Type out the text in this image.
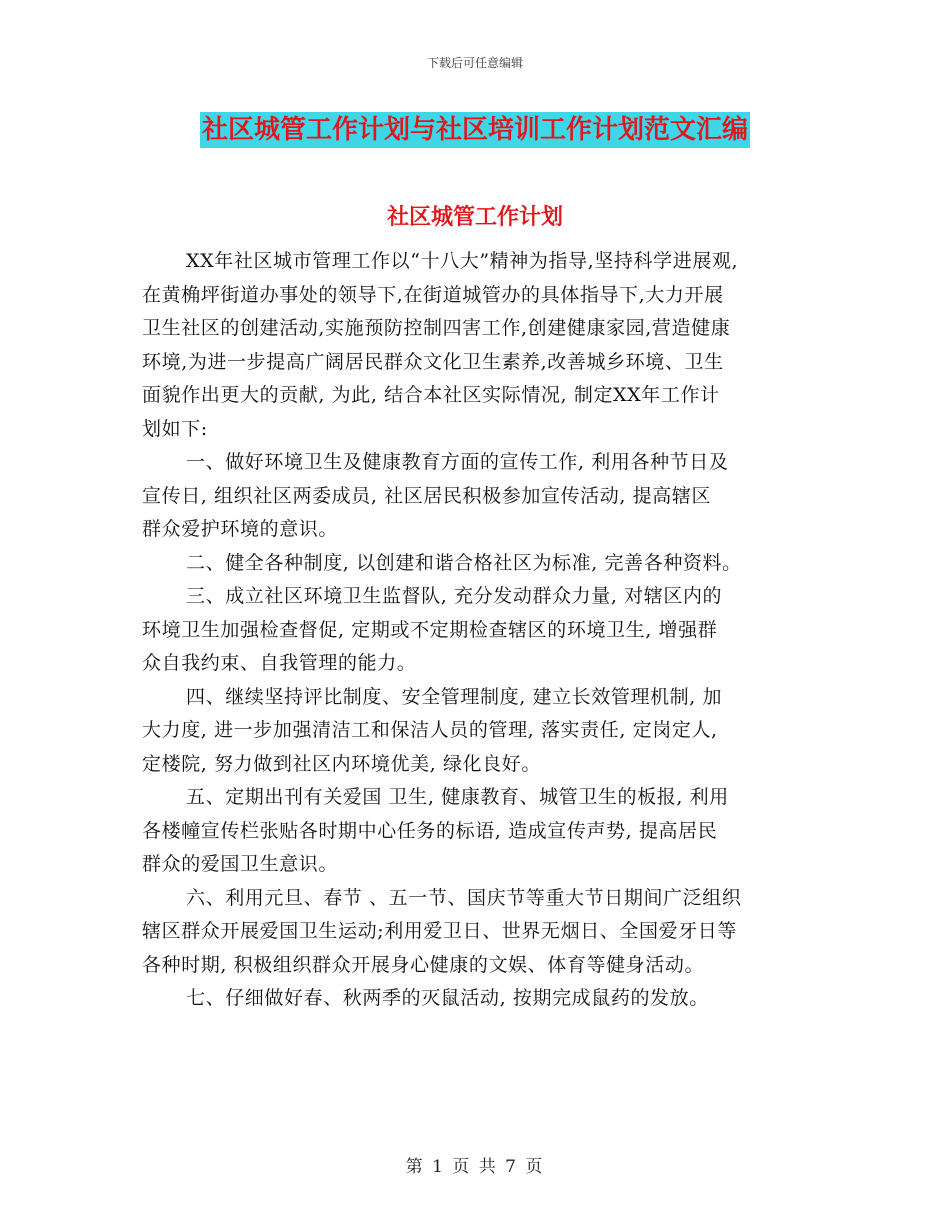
下载后可任意编辑
社区城管工作计划与社区培训工作计划范文汇编
社区城管工作计划

XX年社区城市管理工作以“十八大”精神为指导,坚持科学进展观,
在黄桷坪街道办事处的领导下,在街道城管办的具体指导下,大力开展
卫生社区的创建活动,实施预防控制四害工作,创建健康家园,营造健康
环境,为进一步提高广阔居民群众文化卫生素养,改善城乡环境、卫生
面貌作出更大的贡献, 为此, 结合本社区实际情况, 制定XX年工作计
划如下:

一、做好环境卫生及健康教育方面的宣传工作, 利用各种节日及
宣传日, 组织社区两委成员, 社区居民积极参加宣传活动, 提高辖区
群众爱护环境的意识。

二、健全各种制度, 以创建和谐合格社区为标准, 完善各种资料。

三、成立社区环境卫生监督队, 充分发动群众力量, 对辖区内的
环境卫生加强检查督促, 定期或不定期检查辖区的环境卫生, 增强群
众自我约束、自我管理的能力。

四、继续坚持评比制度、安全管理制度, 建立长效管理机制, 加
大力度, 进一步加强清洁工和保洁人员的管理, 落实责任, 定岗定人,
定楼院, 努力做到社区内环境优美, 绿化良好。

五、定期出刊有关爱国 卫生, 健康教育、城管卫生的板报, 利用
各楼幢宣传栏张贴各时期中心任务的标语, 造成宣传声势, 提高居民
群众的爱国卫生意识。

六、利用元旦、春节 、五一节、国庆节等重大节日期间广泛组织
辖区群众开展爱国卫生运动;利用爱卫日、世界无烟日、全国爱牙日等
各种时期, 积极组织群众开展身心健康的文娱、体育等健身活动。

七、仔细做好春、秋两季的灭鼠活动, 按期完成鼠药的发放。

第 1 页 共 7 页
